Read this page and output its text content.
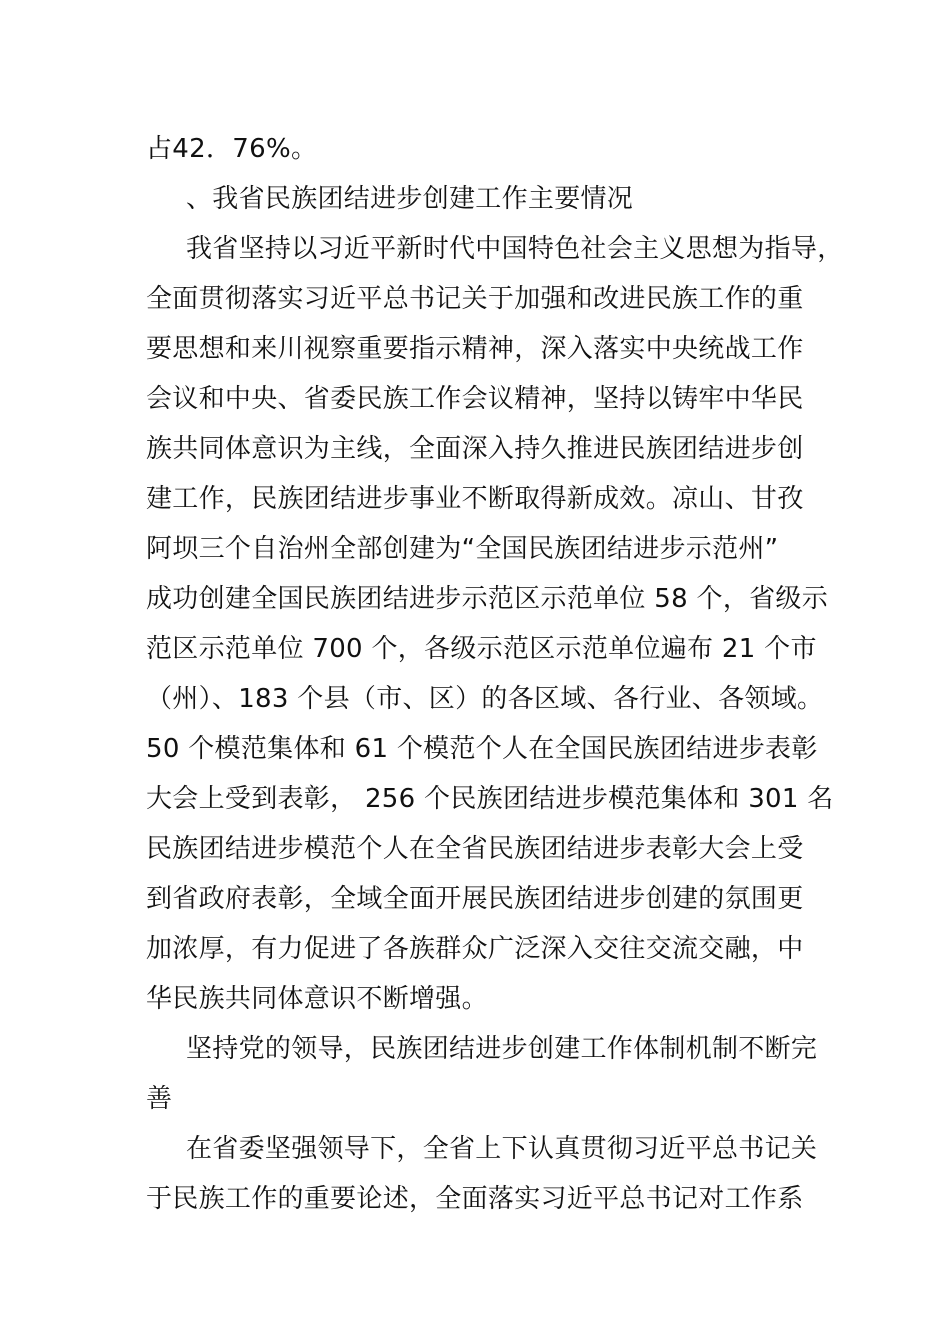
占42．76%。
、我省民族团结进步创建工作主要情况
我省坚持以习近平新时代中国特色社会主义思想为指导，
全面贯彻落实习近平总书记关于加强和改进民族工作的重
要思想和来川视察重要指示精神，深入落实中央统战工作
会议和中央、省委民族工作会议精神，坚持以铸牢中华民
族共同体意识为主线，全面深入持久推进民族团结进步创
建工作，民族团结进步事业不断取得新成效。凉山、甘孜
阿坝三个自治州全部创建为“全国民族团结进步示范州”
成功创建全国民族团结进步示范区示范单位 58 个，省级示
范区示范单位 700 个，各级示范区示范单位遍布 21 个市
（州）、183 个县（市、区）的各区域、各行业、各领域。
50 个模范集体和 61 个模范个人在全国民族团结进步表彰
大会上受到表彰， 256 个民族团结进步模范集体和 301 名
民族团结进步模范个人在全省民族团结进步表彰大会上受
到省政府表彰，全域全面开展民族团结进步创建的氛围更
加浓厚，有力促进了各族群众广泛深入交往交流交融，中
华民族共同体意识不断增强。
坚持党的领导，民族团结进步创建工作体制机制不断完
善
在省委坚强领导下，全省上下认真贯彻习近平总书记关
于民族工作的重要论述，全面落实习近平总书记对工作系
